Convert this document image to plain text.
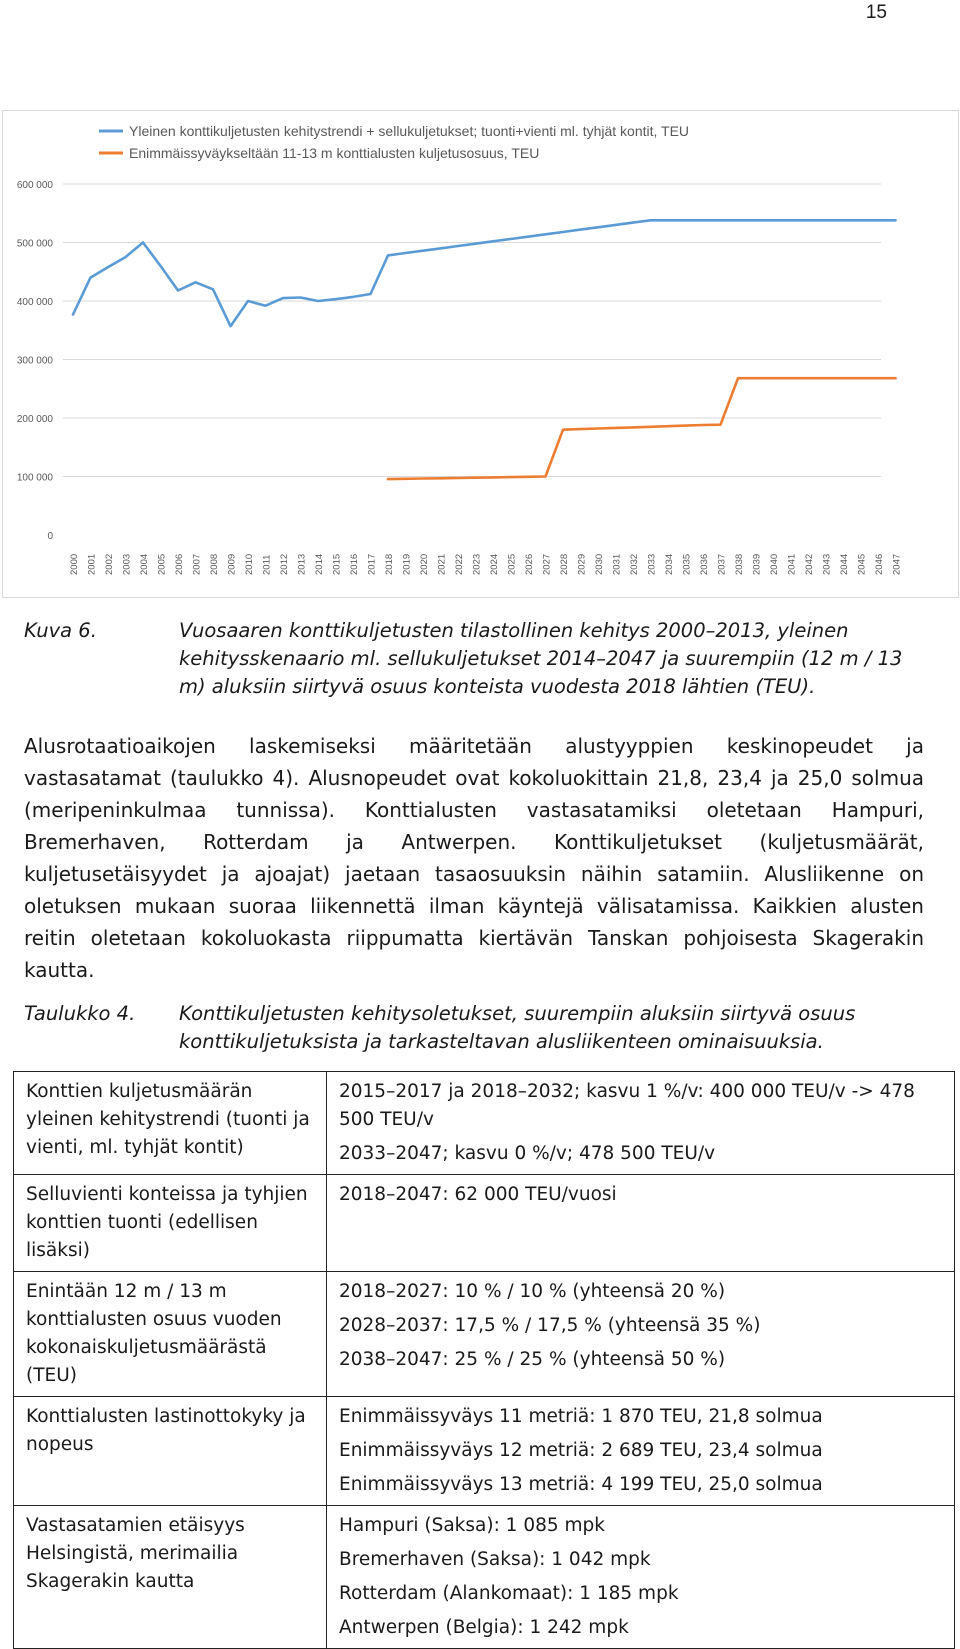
15
600 000
500 000
400 000
300 000
200 000
100 000
0
2000 2001 2002 2003 2004 2005 2006 2007 2008 2009 2010 2011 2012 2013 2014 2015 2016 2017 2018 2019 2020 2021 2022 2023 2024 2025 2026 2027 2028 2029 2030 2031 2032 2033 2034 2035 2036 2037 2038 2039 2040 2041 2042 2043 2044 2045 2046 2047
Yleinen konttikuljetusten kehitystrendi + sellukuljetukset; tuonti+vienti ml. tyhjät kontit, TEU
Enimmäissyväykseltään 11-13 m konttialusten kuljetusosuus, TEU
Kuva 6.	Vuosaaren konttikuljetusten tilastollinen kehitys 2000–2013, yleinen kehitysskenaario ml. sellukuljetukset 2014–2047 ja suurempiin (12 m / 13 m) aluksiin siirtyvä osuus konteista vuodesta 2018 lähtien (TEU).

Alusrotaatioaikojen laskemiseksi määritetään alustyyppien keskinopeudet ja vastasatamat (taulukko 4). Alusnopeudet ovat kokoluokittain 21,8, 23,4 ja 25,0 solmua (meripeninkulmaa tunnissa). Konttialusten vastasatamiksi oletetaan Hampuri, Bremerhaven, Rotterdam ja Antwerpen. Konttikuljetukset (kuljetusmäärät, kuljetusetäisyydet ja ajoajat) jaetaan tasaosuuksin näihin satamiin. Alusliikenne on oletuksen mukaan suoraa liikennettä ilman käyntejä välisatamissa. Kaikkien alusten reitin oletetaan kokoluokasta riippumatta kiertävän Tanskan pohjoisesta Skagerakin kautta.

Taulukko 4. Konttikuljetusten kehitysoletukset, suurempiin aluksiin siirtyvä osuus konttikuljetuksista ja tarkasteltavan alusliikenteen ominaisuuksia.
Konttien kuljetusmäärän yleinen kehitystrendi (tuonti ja vienti, ml. tyhjät kontit)	2015–2017 ja 2018–2032; kasvu 1 %/v: 400 000 TEU/v -> 478 500 TEU/v
2033–2047; kasvu 0 %/v; 478 500 TEU/v

Selluvienti konteissa ja tyhjien konttien tuonti (edellisen lisäksi)	2018–2047: 62 000 TEU/vuosi

Enintään 12 m / 13 m konttialusten osuus vuoden kokonaiskuljetusmäärästä (TEU)	2018–2027: 10 % / 10 % (yhteensä 20 %)
2028–2037: 17,5 % / 17,5 % (yhteensä 35 %)
2038–2047: 25 % / 25 % (yhteensä 50 %)

Konttialusten lastinottokyky ja nopeus	Enimmäissyväys 11 metriä: 1 870 TEU, 21,8 solmua
Enimmäissyväys 12 metriä: 2 689 TEU, 23,4 solmua
Enimmäissyväys 13 metriä: 4 199 TEU, 25,0 solmua

Vastasatamien etäisyys Helsingistä, merimailia Skagerakin kautta	Hampuri (Saksa): 1 085 mpk
Bremerhaven (Saksa): 1 042 mpk
Rotterdam (Alankomaat): 1 185 mpk
Antwerpen (Belgia): 1 242 mpk
